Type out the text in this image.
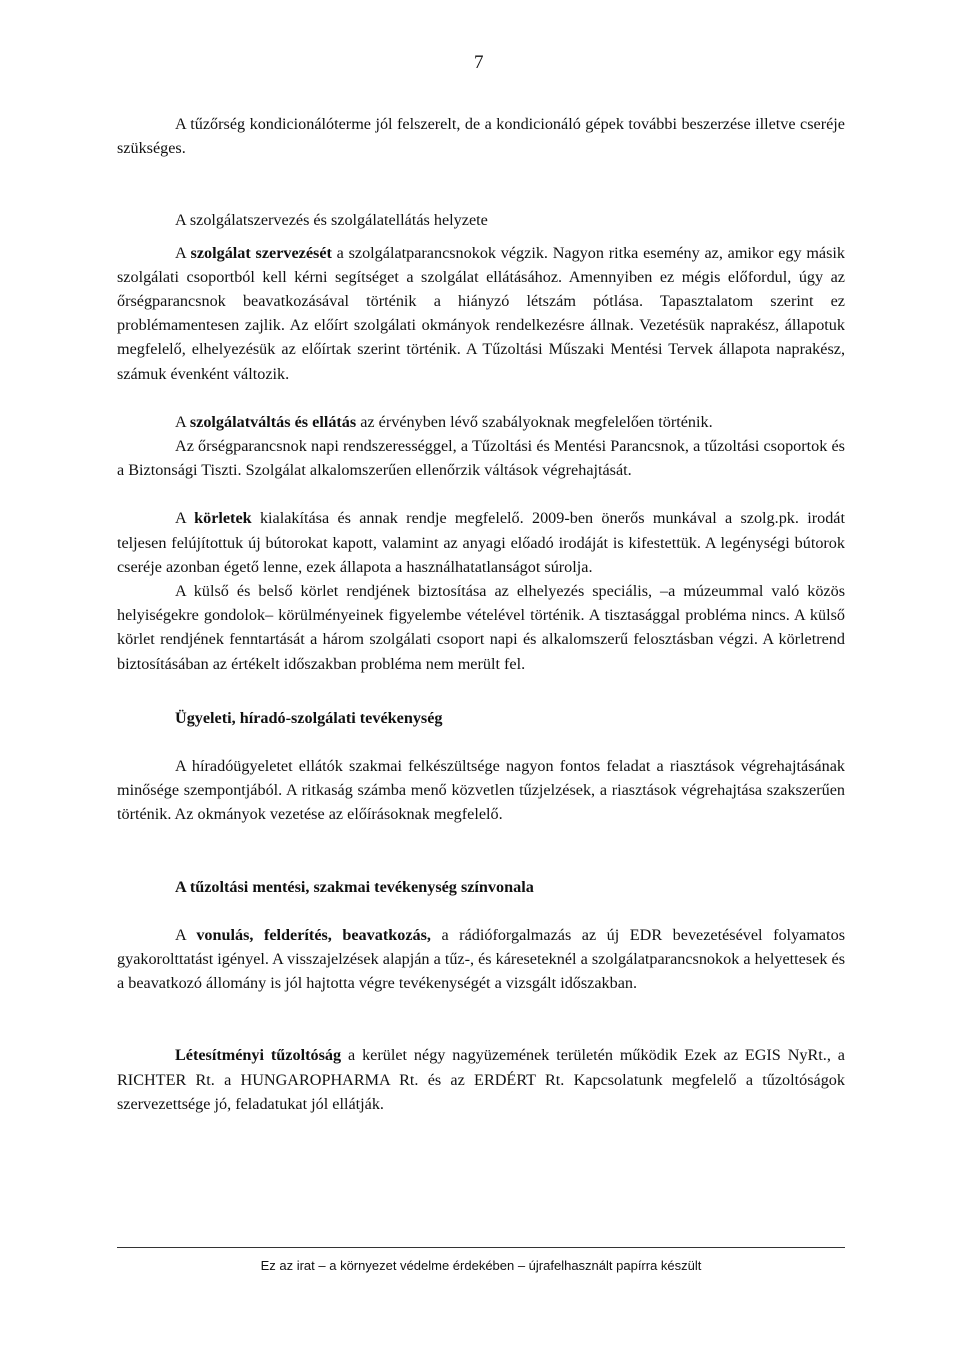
7

A tűzőrség kondicionálóterme jól felszerelt, de a kondicionáló gépek további beszerzése illetve cseréje szükséges.

A szolgálatszervezés és szolgálatellátás helyzete

A szolgálat szervezését a szolgálatparancsnokok végzik. Nagyon ritka esemény az, amikor egy másik szolgálati csoportból kell kérni segítséget a szolgálat ellátásához. Amennyiben ez mégis előfordul, úgy az őrségparancsnok beavatkozásával történik a hiányzó létszám pótlása. Tapasztalatom szerint ez problémamentesen zajlik. Az előírt szolgálati okmányok rendelkezésre állnak. Vezetésük naprakész, állapotuk megfelelő, elhelyezésük az előírtak szerint történik. A Tűzoltási Műszaki Mentési Tervek állapota naprakész, számuk évenként változik.

A szolgálatváltás és ellátás az érvényben lévő szabályoknak megfelelően történik.

Az őrségparancsnok napi rendszerességgel, a Tűzoltási és Mentési Parancsnok, a tűzoltási csoportok és a Biztonsági Tiszti. Szolgálat alkalomszerűen ellenőrzik váltások végrehajtását.

A körletek kialakítása és annak rendje megfelelő. 2009-ben önerős munkával a szolg.pk. irodát teljesen felújítottuk új bútorokat kapott, valamint az anyagi előadó irodáját is kifestettük. A legénységi bútorok cseréje azonban égető lenne, ezek állapota a használhatatlanságot súrolja.

A külső és belső körlet rendjének biztosítása az elhelyezés speciális, –a múzeummal való közös helyiségekre gondolok– körülményeinek figyelembe vételével történik. A tisztasággal probléma nincs. A külső körlet rendjének fenntartását a három szolgálati csoport napi és alkalomszerű felosztásban végzi. A körletrend biztosításában az értékelt időszakban probléma nem merült fel.

Ügyeleti, híradó-szolgálati tevékenység

A híradóügyeletet ellátók szakmai felkészültsége nagyon fontos feladat a riasztások végrehajtásának minősége szempontjából. A ritkaság számba menő közvetlen tűzjelzések, a riasztások végrehajtása szakszerűen történik. Az okmányok vezetése az előírásoknak megfelelő.

A tűzoltási mentési, szakmai tevékenység színvonala

A vonulás, felderítés, beavatkozás, a rádióforgalmazás az új EDR bevezetésével folyamatos gyakorolttatást igényel. A visszajelzések alapján a tűz-, és káreseteknél a szolgálatparancsnokok a helyettesek és a beavatkozó állomány is jól hajtotta végre tevékenységét a vizsgált időszakban.

Létesítményi tűzoltóság a kerület négy nagyüzemének területén működik Ezek az EGIS NyRt., a RICHTER Rt. a HUNGAROPHARMA Rt. és az ERDÉRT Rt. Kapcsolatunk megfelelő a tűzoltóságok szervezettsége jó, feladatukat jól ellátják.

Ez az irat – a környezet védelme érdekében – újrafelhasznált papírra készült
